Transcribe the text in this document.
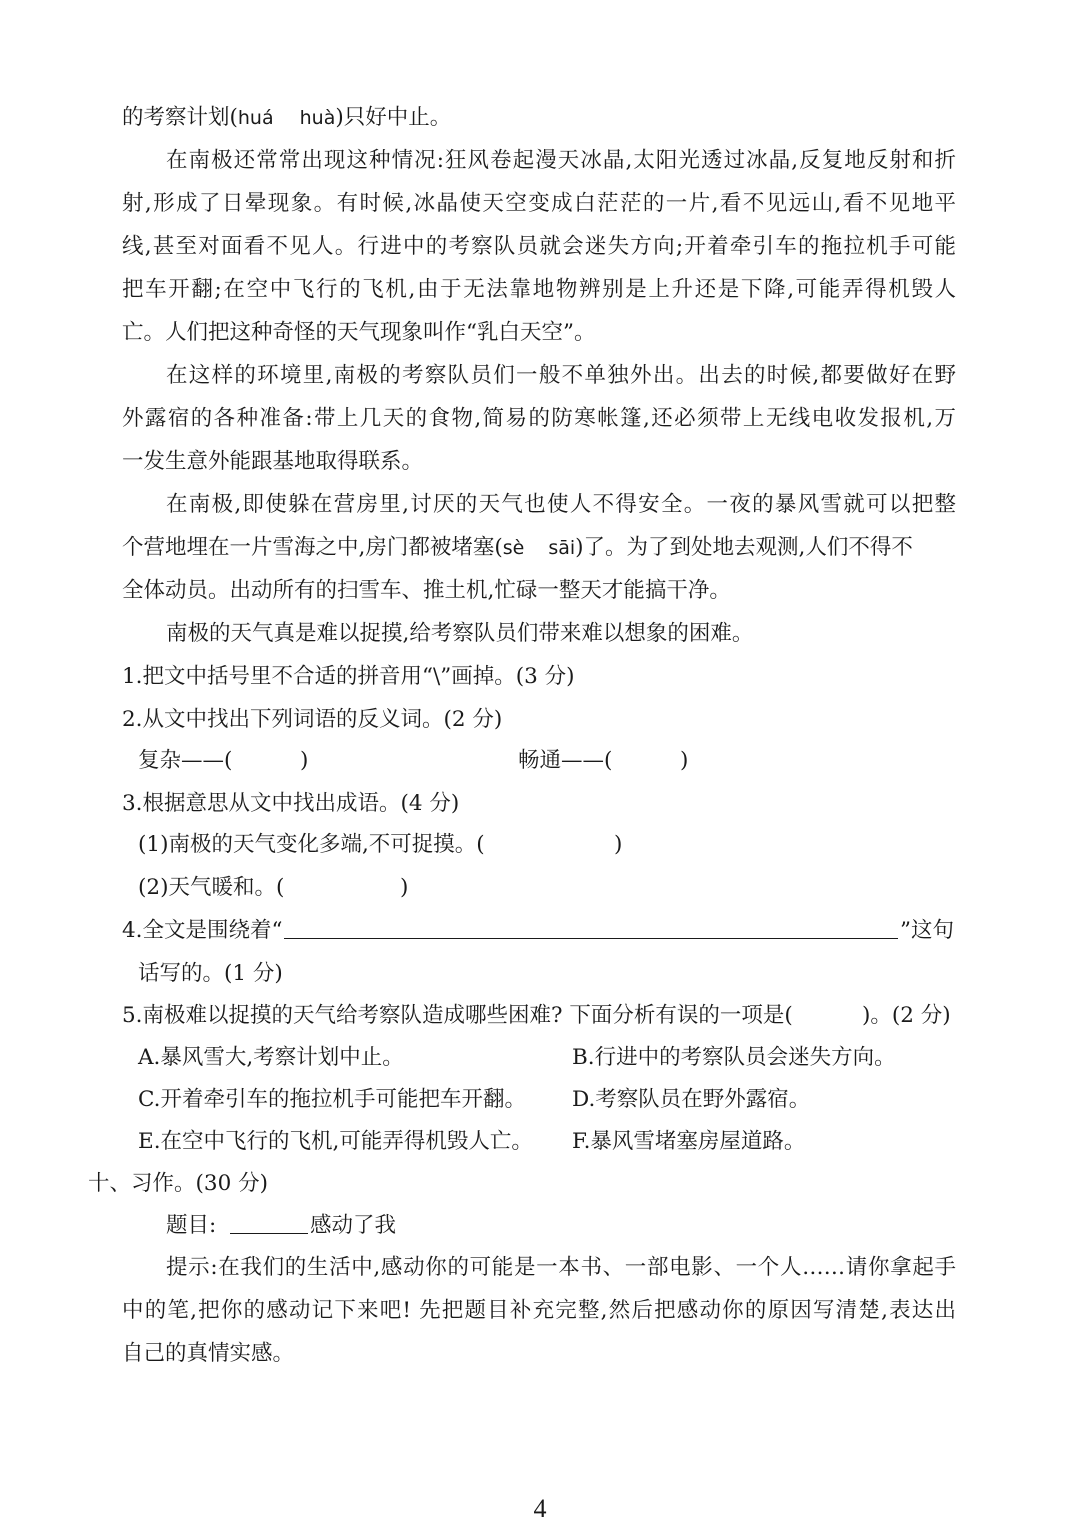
的考察计划(huá huà)只好中止。
在南极还常常出现这种情况:狂风卷起漫天冰晶,太阳光透过冰晶,反复地反射和折
射,形成了日晕现象。有时候,冰晶使天空变成白茫茫的一片,看不见远山,看不见地平
线,甚至对面看不见人。行进中的考察队员就会迷失方向;开着牵引车的拖拉机手可能
把车开翻;在空中飞行的飞机,由于无法靠地物辨别是上升还是下降,可能弄得机毁人
亡。人们把这种奇怪的天气现象叫作“乳白天空”。
在这样的环境里,南极的考察队员们一般不单独外出。出去的时候,都要做好在野
外露宿的各种准备:带上几天的食物,简易的防寒帐篷,还必须带上无线电收发报机,万
一发生意外能跟基地取得联系。
在南极,即使躲在营房里,讨厌的天气也使人不得安全。一夜的暴风雪就可以把整
个营地埋在一片雪海之中,房门都被堵塞(sè sāi)了。为了到处地去观测,人们不得不
全体动员。出动所有的扫雪车、推土机,忙碌一整天才能搞干净。
南极的天气真是难以捉摸,给考察队员们带来难以想象的困难。
1.把文中括号里不合适的拼音用“\”画掉。(3 分)
2.从文中找出下列词语的反义词。(2 分)
复杂——(	)	畅通——(	)
3.根据意思从文中找出成语。(4 分)
(1)南极的天气变化多端,不可捉摸。(	)
(2)天气暖和。(	)
4.全文是围绕着“	”这句
话写的。(1 分)
5.南极难以捉摸的天气给考察队造成哪些困难? 下面分析有误的一项是(	)。(2 分)
A.暴风雪大,考察计划中止。	B.行进中的考察队员会迷失方向。
C.开着牵引车的拖拉机手可能把车开翻。 D.考察队员在野外露宿。
E.在空中飞行的飞机,可能弄得机毁人亡。 F.暴风雪堵塞房屋道路。
十、习作。(30 分)
题目:	感动了我
提示:在我们的生活中,感动你的可能是一本书、一部电影、一个人……请你拿起手
中的笔,把你的感动记下来吧! 先把题目补充完整,然后把感动你的原因写清楚,表达出
自己的真情实感。
4
